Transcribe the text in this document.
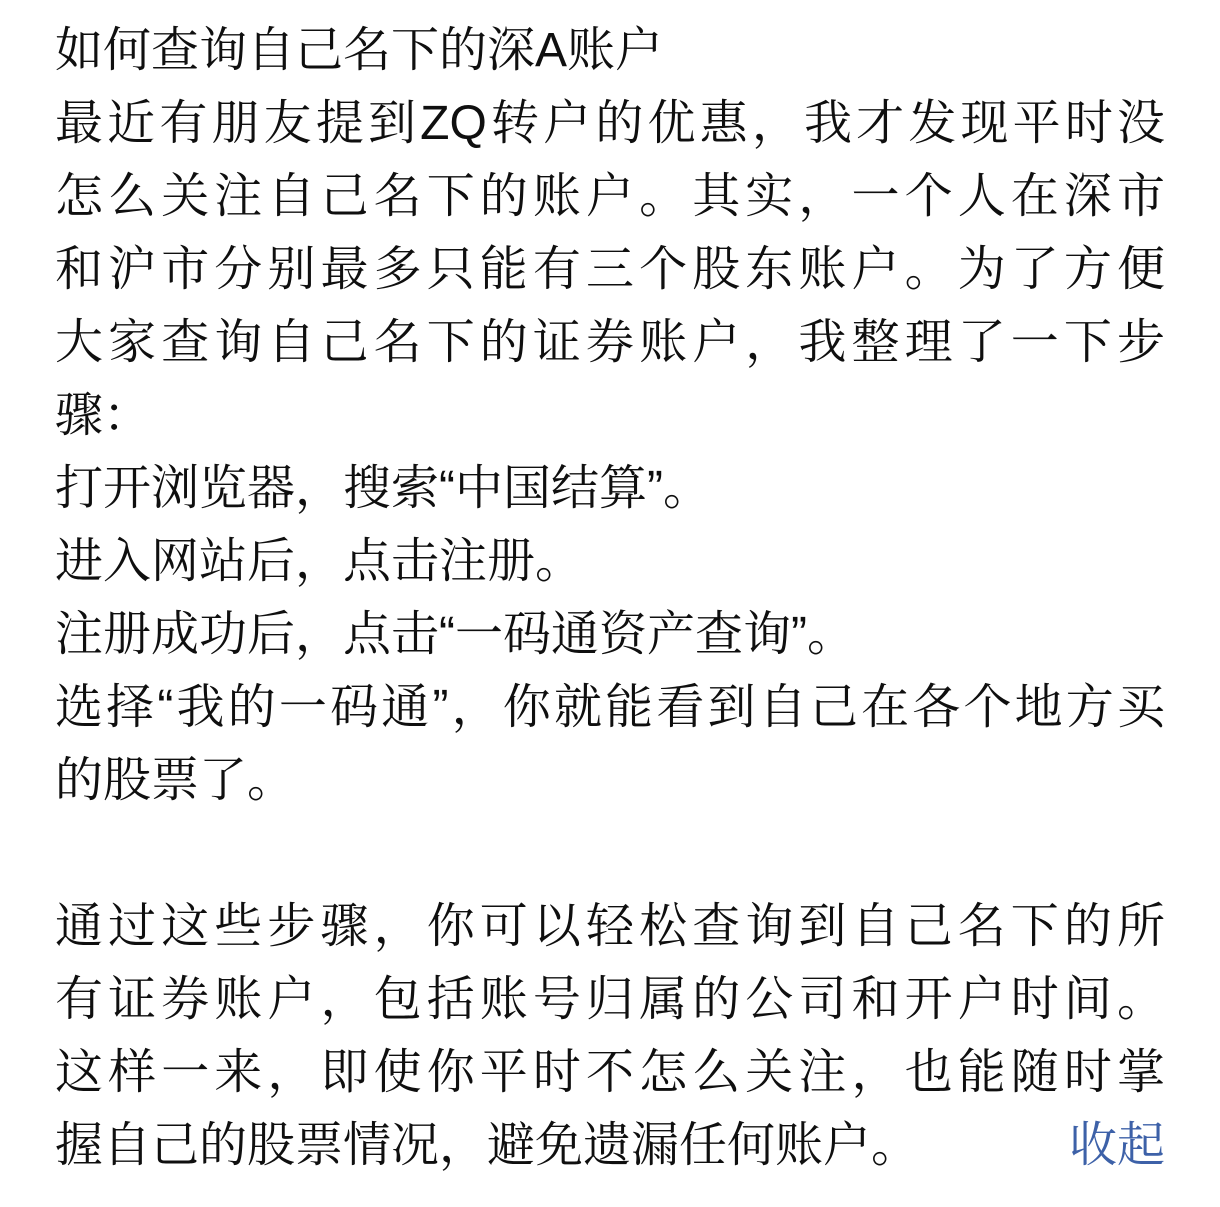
如何查询自己名下的深A账户
最近有朋友提到ZQ转户的优惠，我才发现平时没
怎么关注自己名下的账户。其实，一个人在深市
和沪市分别最多只能有三个股东账户。为了方便
大家查询自己名下的证券账户，我整理了一下步
骤：
打开浏览器，搜索“中国结算”。
进入网站后，点击注册。
注册成功后，点击“一码通资产查询”。
选择“我的一码通”，你就能看到自己在各个地方买
的股票了。
通过这些步骤，你可以轻松查询到自己名下的所
有证券账户，包括账号归属的公司和开户时间。
这样一来，即使你平时不怎么关注，也能随时掌
握自己的股票情况，避免遗漏任何账户。	收起
